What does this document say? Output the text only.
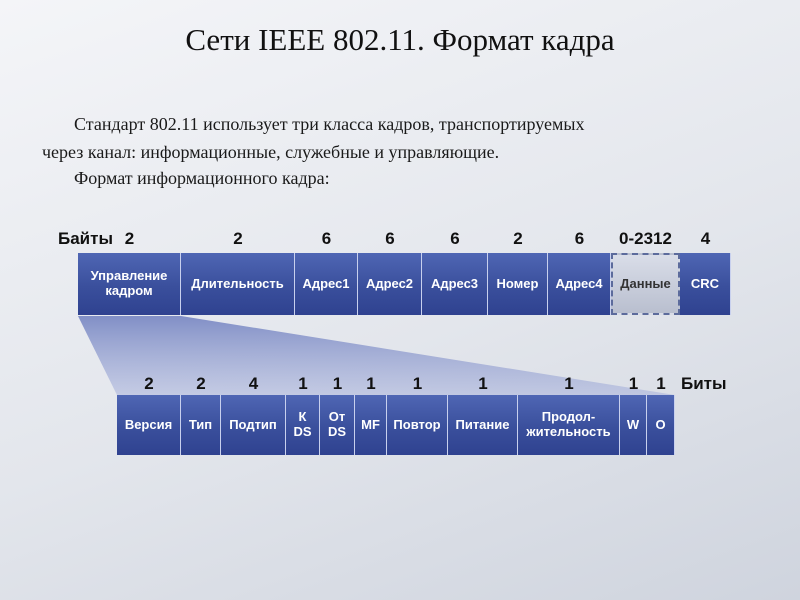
Сети IEEE 802.11. Формат кадра
Стандарт 802.11 использует три класса кадров, транспортируемых
через канал: информационные, служебные и управляющие.
Формат информационного кадра:
Байты
Биты
Управление
кадром
2
Длительность
2
Адрес1
6
Адрес2
6
Адрес3
6
Номер
2
Адрес4
6
Данные
0-2312
CRC
4
Версия
2
Тип
2
Подтип
4
К
DS
1
От
DS
1
MF
1
Повтор
1
Питание
1
Продол-
жительность
1
W
1
O
1
